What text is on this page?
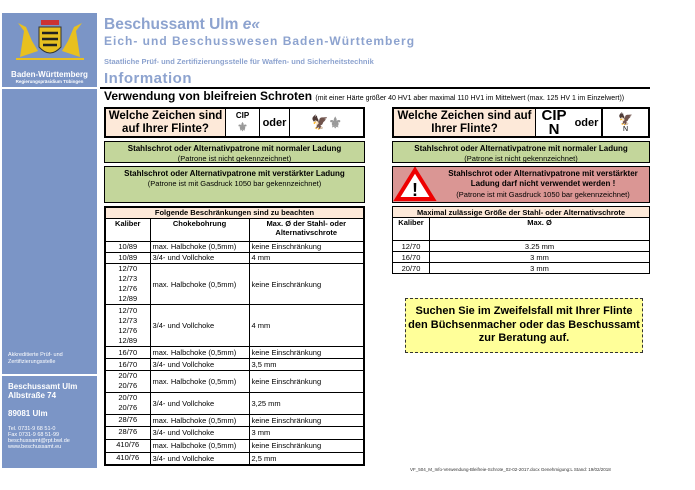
Baden-Württemberg
Regierungspräsidium Tübingen
Akkreditierte Prüf- und Zertifizierungsstelle
Beschussamt Ulm
Albstraße 74
89081 Ulm
Tel. 0731-9 68 51-0
Fax 0731-9 68 51-99
beschussamt@rpt.bwl.de
www.beschussamt.eu
Beschussamt Ulm e«
Eich- und Beschusswesen Baden-Württemberg
Staatliche Prüf- und Zertifizierungsstelle für Waffen- und Sicherheitstechnik
Information
Verwendung von bleifreien Schroten (mit einer Härte größer 40 HV1 aber maximal 110 HV1 im Mittelwert (max. 125 HV 1 im Einzelwert))
Welche Zeichen sind auf Ihrer Flinte?
CIP
⚜ oder 🦅 ⚜
Stahlschrot oder Alternativpatrone mit normaler Ladung
(Patrone ist nicht gekennzeichnet)
Stahlschrot oder Alternativpatrone mit verstärkter Ladung
(Patrone ist mit Gasdruck 1050 bar gekennzeichnet)
Folgende Beschränkungen sind zu beachten		
Kaliber	Chokebohrung	Max. Ø der Stahl- oder Alternativschrote
10/89	max. Halbchoke (0,5mm)	keine Einschränkung
10/89	3/4- und Vollchoke	4 mm
12/70
12/73
12/76
12/89	max. Halbchoke (0,5mm)	keine Einschränkung
12/70
12/73
12/76
12/89	3/4- und Vollchoke	4 mm
16/70	max. Halbchoke (0,5mm)	keine Einschränkung
16/70	3/4- und Vollchoke	3,5 mm
20/70
20/76	max. Halbchoke (0,5mm)	keine Einschränkung
20/70
20/76	3/4- und Vollchoke	3,25 mm
28/76	max. Halbchoke (0,5mm)	keine Einschränkung
28/76	3/4- und Vollchoke	3 mm
410/76	max. Halbchoke (0,5mm)	keine Einschränkung
410/76	3/4- und Vollchoke	2,5 mm
Welche Zeichen sind auf Ihrer Flinte?
CIP
N oder 🦅
N
Stahlschrot oder Alternativpatrone mit normaler Ladung
(Patrone ist nicht gekennzeichnet)
!
Stahlschrot oder Alternativpatrone mit verstärkter Ladung darf nicht verwendet werden !
(Patrone ist mit Gasdruck 1050 bar gekennzeichnet)
Maximal zulässige Größe der Stahl- oder Alternativschrote	
Kaliber	Max. Ø
12/70	3.25 mm
16/70	3 mm
20/70	3 mm
Suchen Sie im Zweifelsfall mit Ihrer Flinte den Büchsenmacher oder das Beschussamt zur Beratung auf.
VF_504_M_Info-Verwendung-Bleifreie-Schrote_02-02-2017.docx Genehmigung:L Stand: 19/02/2018
